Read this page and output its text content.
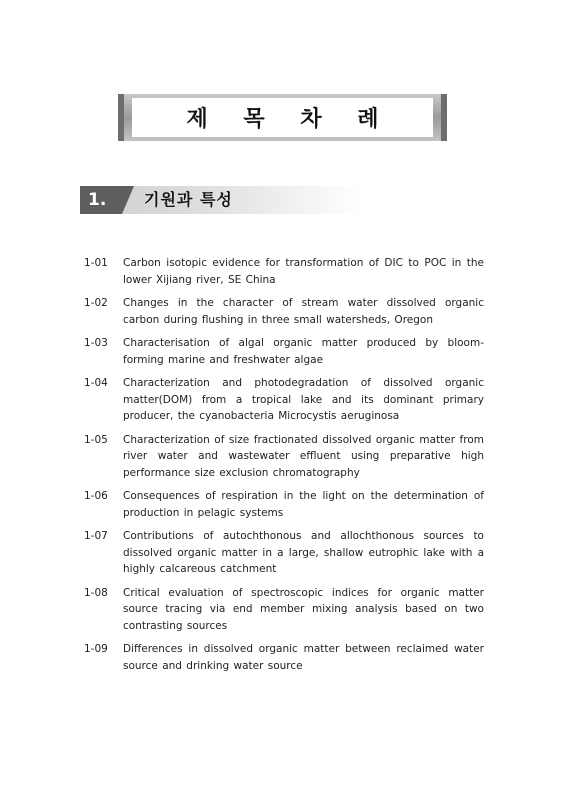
제 목 차 례
1.	기원과 특성
1-01	Carbon isotopic evidence for transformation of DIC to POC in the lower Xijiang river, SE China
1-02	Changes in the character of stream water dissolved organic carbon during flushing in three small watersheds, Oregon
1-03	Characterisation of algal organic matter produced by bloom-forming marine and freshwater algae
1-04	Characterization and photodegradation of dissolved organic matter(DOM) from a tropical lake and its dominant primary producer, the cyanobacteria Microcystis aeruginosa
1-05	Characterization of size fractionated dissolved organic matter from river water and wastewater effluent using preparative high performance size exclusion chromatography
1-06	Consequences of respiration in the light on the determination of production in pelagic systems
1-07	Contributions of autochthonous and allochthonous sources to dissolved organic matter in a large, shallow eutrophic lake with a highly calcareous catchment
1-08	Critical evaluation of spectroscopic indices for organic matter source tracing via end member mixing analysis based on two contrasting sources
1-09	Differences in dissolved organic matter between reclaimed water source and drinking water source
